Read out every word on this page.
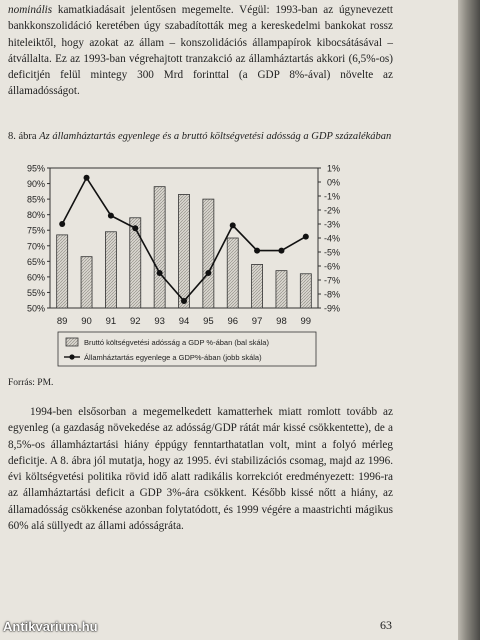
nominális kamatkiadásait jelentősen megemelte. Végül: 1993-ban az úgynevezett bankkonszolidáció keretében úgy szabadították meg a kereskedelmi bankokat rossz hiteleiktől, hogy azokat az állam – konszolidációs állampapírok kibocsátásával – átvállalta. Ez az 1993-ban végrehajtott tranzakció az államháztartás akkori (6,5%-os) deficitjén felül mintegy 300 Mrd forinttal (a GDP 8%-ával) növelte az államadósságot.

8. ábra Az államháztartás egyenlege és a bruttó költségvetési adósság a GDP százalékában

95%
90%
85%
80%
75%
70%
65%
60%
55%
50%
1%
0%
-1%
-2%
-3%
-4%
-5%
-6%
-7%
-8%
-9%
89 90 91 92 93 94 95 96 97 98 99
Bruttó költségvetési adósság a GDP %-ában (bal skála)
Államháztartás egyenlege a GDP%-ában (jobb skála)
Forrás: PM.

1994-ben elsősorban a megemelkedett kamatterhek miatt romlott tovább az egyenleg (a gazdaság növekedése az adósság/GDP rátát már kissé csökkentette), de a 8,5%-os államháztartási hiány éppúgy fenntarthatatlan volt, mint a folyó mérleg deficitje. A 8. ábra jól mutatja, hogy az 1995. évi stabilizációs csomag, majd az 1996. évi költségvetési politika rövid idő alatt radikális korrekciót eredményezett: 1996-ra az államháztartási deficit a GDP 3%-ára csökkent. Később kissé nőtt a hiány, az államadósság csökkenése azonban folytatódott, és 1999 végére a maastrichti mágikus 60% alá süllyedt az állami adósságráta.

63
Antikvarium.hu
